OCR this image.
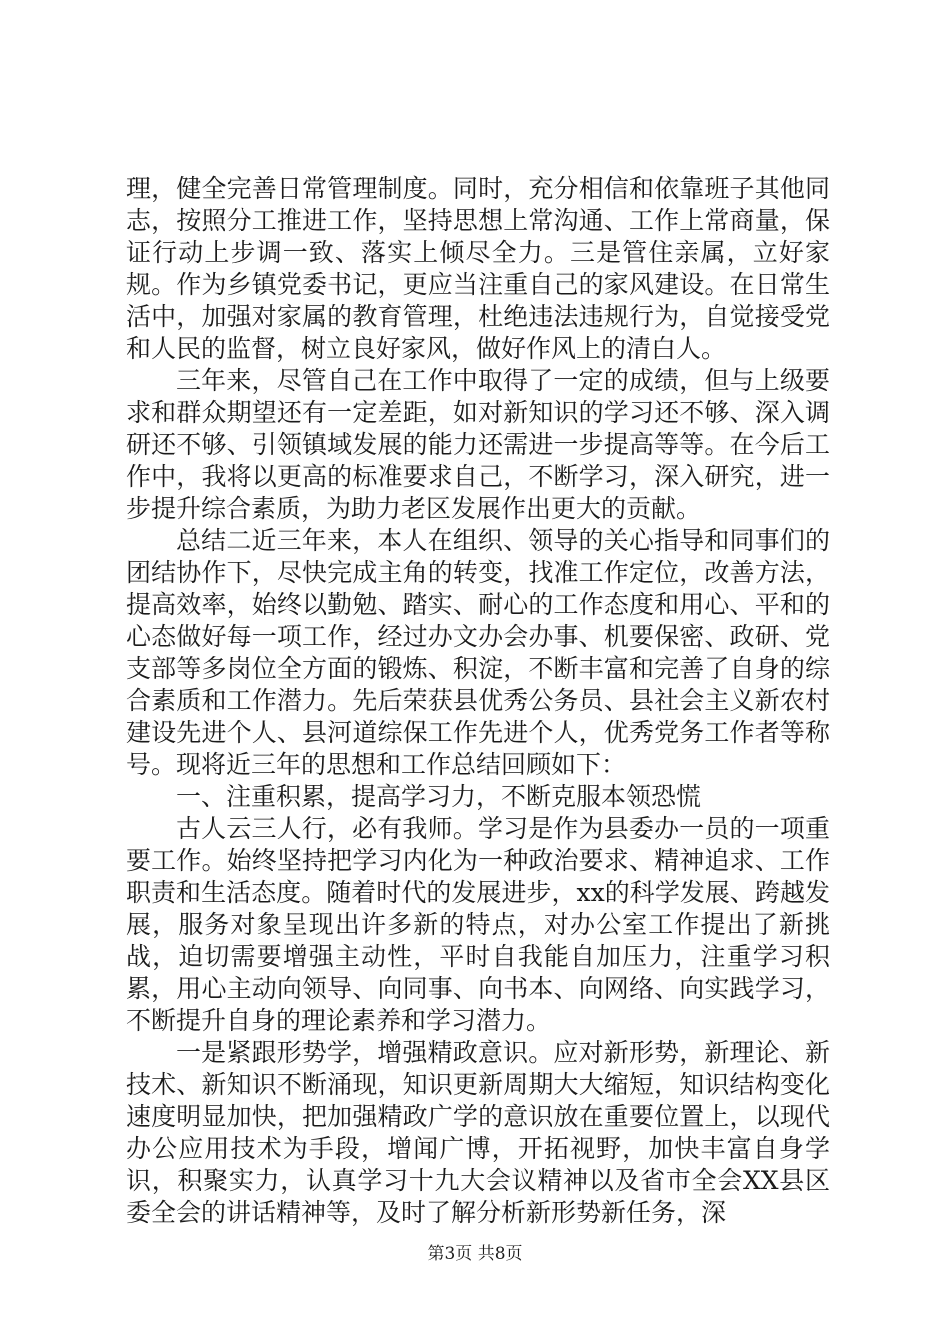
理，健全完善日常管理制度。同时，充分相信和依靠班子其他同志，按照分工推进工作，坚持思想上常沟通、工作上常商量，保证行动上步调一致、落实上倾尽全力。三是管住亲属，立好家规。作为乡镇党委书记，更应当注重自己的家风建设。在日常生活中，加强对家属的教育管理，杜绝违法违规行为，自觉接受党和人民的监督，树立良好家风，做好作风上的清白人。

三年来，尽管自己在工作中取得了一定的成绩，但与上级要求和群众期望还有一定差距，如对新知识的学习还不够、深入调研还不够、引领镇域发展的能力还需进一步提高等等。在今后工作中，我将以更高的标准要求自己，不断学习，深入研究，进一步提升综合素质，为助力老区发展作出更大的贡献。

总结二近三年来，本人在组织、领导的关心指导和同事们的团结协作下，尽快完成主角的转变，找准工作定位，改善方法，提高效率，始终以勤勉、踏实、耐心的工作态度和用心、平和的心态做好每一项工作，经过办文办会办事、机要保密、政研、党支部等多岗位全方面的锻炼、积淀，不断丰富和完善了自身的综合素质和工作潜力。先后荣获县优秀公务员、县社会主义新农村建设先进个人、县河道综保工作先进个人，优秀党务工作者等称号。现将近三年的思想和工作总结回顾如下：

一、注重积累，提高学习力，不断克服本领恐慌

古人云三人行，必有我师。学习是作为县委办一员的一项重要工作。始终坚持把学习内化为一种政治要求、精神追求、工作职责和生活态度。随着时代的发展进步，xx的科学发展、跨越发展，服务对象呈现出许多新的特点，对办公室工作提出了新挑战，迫切需要增强主动性，平时自我能自加压力，注重学习积累，用心主动向领导、向同事、向书本、向网络、向实践学习，不断提升自身的理论素养和学习潜力。

一是紧跟形势学，增强精政意识。应对新形势，新理论、新技术、新知识不断涌现，知识更新周期大大缩短，知识结构变化速度明显加快，把加强精政广学的意识放在重要位置上，以现代办公应用技术为手段，增闻广博，开拓视野，加快丰富自身学识，积聚实力，认真学习十九大会议精神以及省市全会XX县区委全会的讲话精神等，及时了解分析新形势新任务，深

第3页 共8页
